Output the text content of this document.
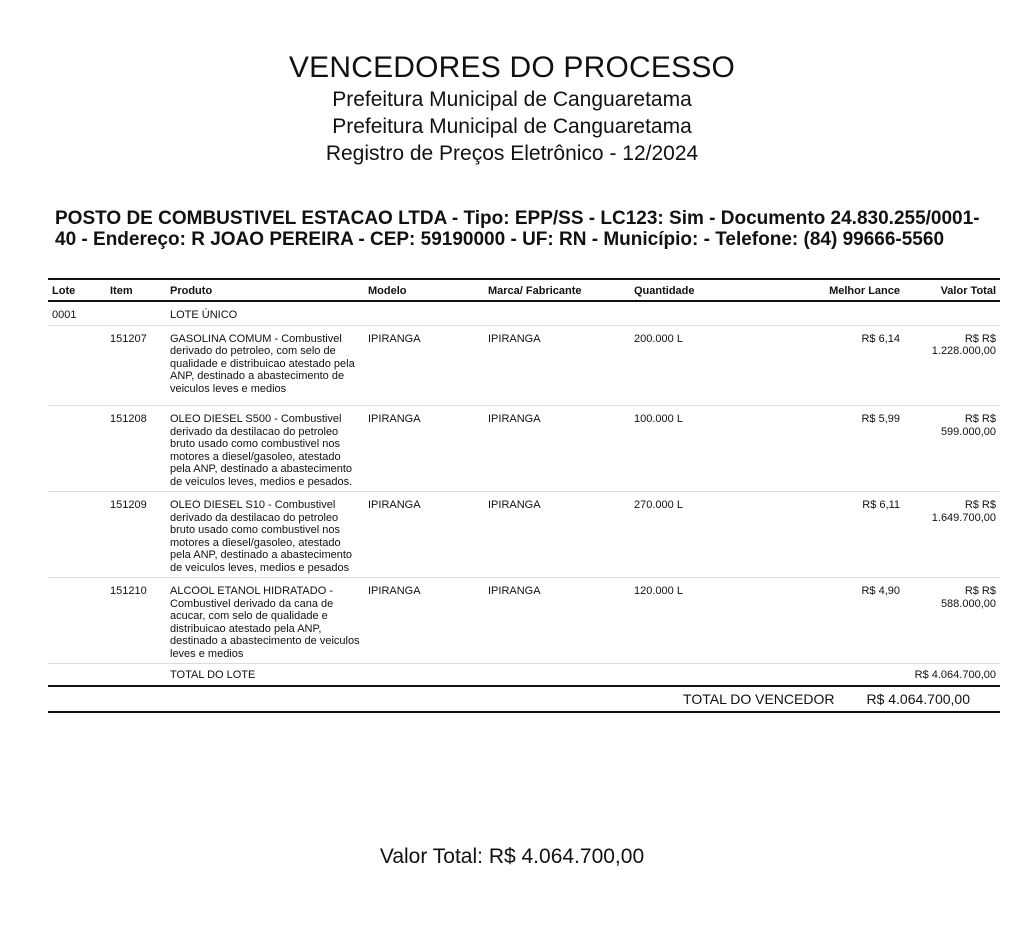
VENCEDORES DO PROCESSO

Prefeitura Municipal de Canguaretama

Prefeitura Municipal de Canguaretama

Registro de Preços Eletrônico - 12/2024

POSTO DE COMBUSTIVEL ESTACAO LTDA - Tipo: EPP/SS - LC123: Sim - Documento 24.830.255/0001-40 - Endereço: R JOAO PEREIRA - CEP: 59190000 - UF: RN - Município: - Telefone: (84) 99666-5560
Lote	Item	Produto	Modelo	Marca/ Fabricante	Quantidade	Melhor Lance	Valor Total
0001		LOTE ÚNICO					
	151207	GASOLINA COMUM - Combustivel derivado do petroleo, com selo de qualidade e distribuicao atestado pela ANP, destinado a abastecimento de veiculos leves e medios	IPIRANGA	IPIRANGA	200.000 L	R$ 6,14	R$ R$ 1.228.000,00
	151208	OLEO DIESEL S500 - Combustivel derivado da destilacao do petroleo bruto usado como combustivel nos motores a diesel/gasoleo, atestado pela ANP, destinado a abastecimento de veiculos leves, medios e pesados.	IPIRANGA	IPIRANGA	100.000 L	R$ 5,99	R$ R$ 599.000,00
	151209	OLEO DIESEL S10 - Combustivel derivado da destilacao do petroleo bruto usado como combustivel nos motores a diesel/gasoleo, atestado pela ANP, destinado a abastecimento de veiculos leves, medios e pesados	IPIRANGA	IPIRANGA	270.000 L	R$ 6,11	R$ R$ 1.649.700,00
	151210	ALCOOL ETANOL HIDRATADO - Combustivel derivado da cana de acucar, com selo de qualidade e distribuicao atestado pela ANP, destinado a abastecimento de veiculos leves e medios	IPIRANGA	IPIRANGA	120.000 L	R$ 4,90	R$ R$ 588.000,00
		TOTAL DO LOTE					R$ 4.064.700,00
TOTAL DO VENCEDOR R$ 4.064.700,00
Valor Total: R$ 4.064.700,00
